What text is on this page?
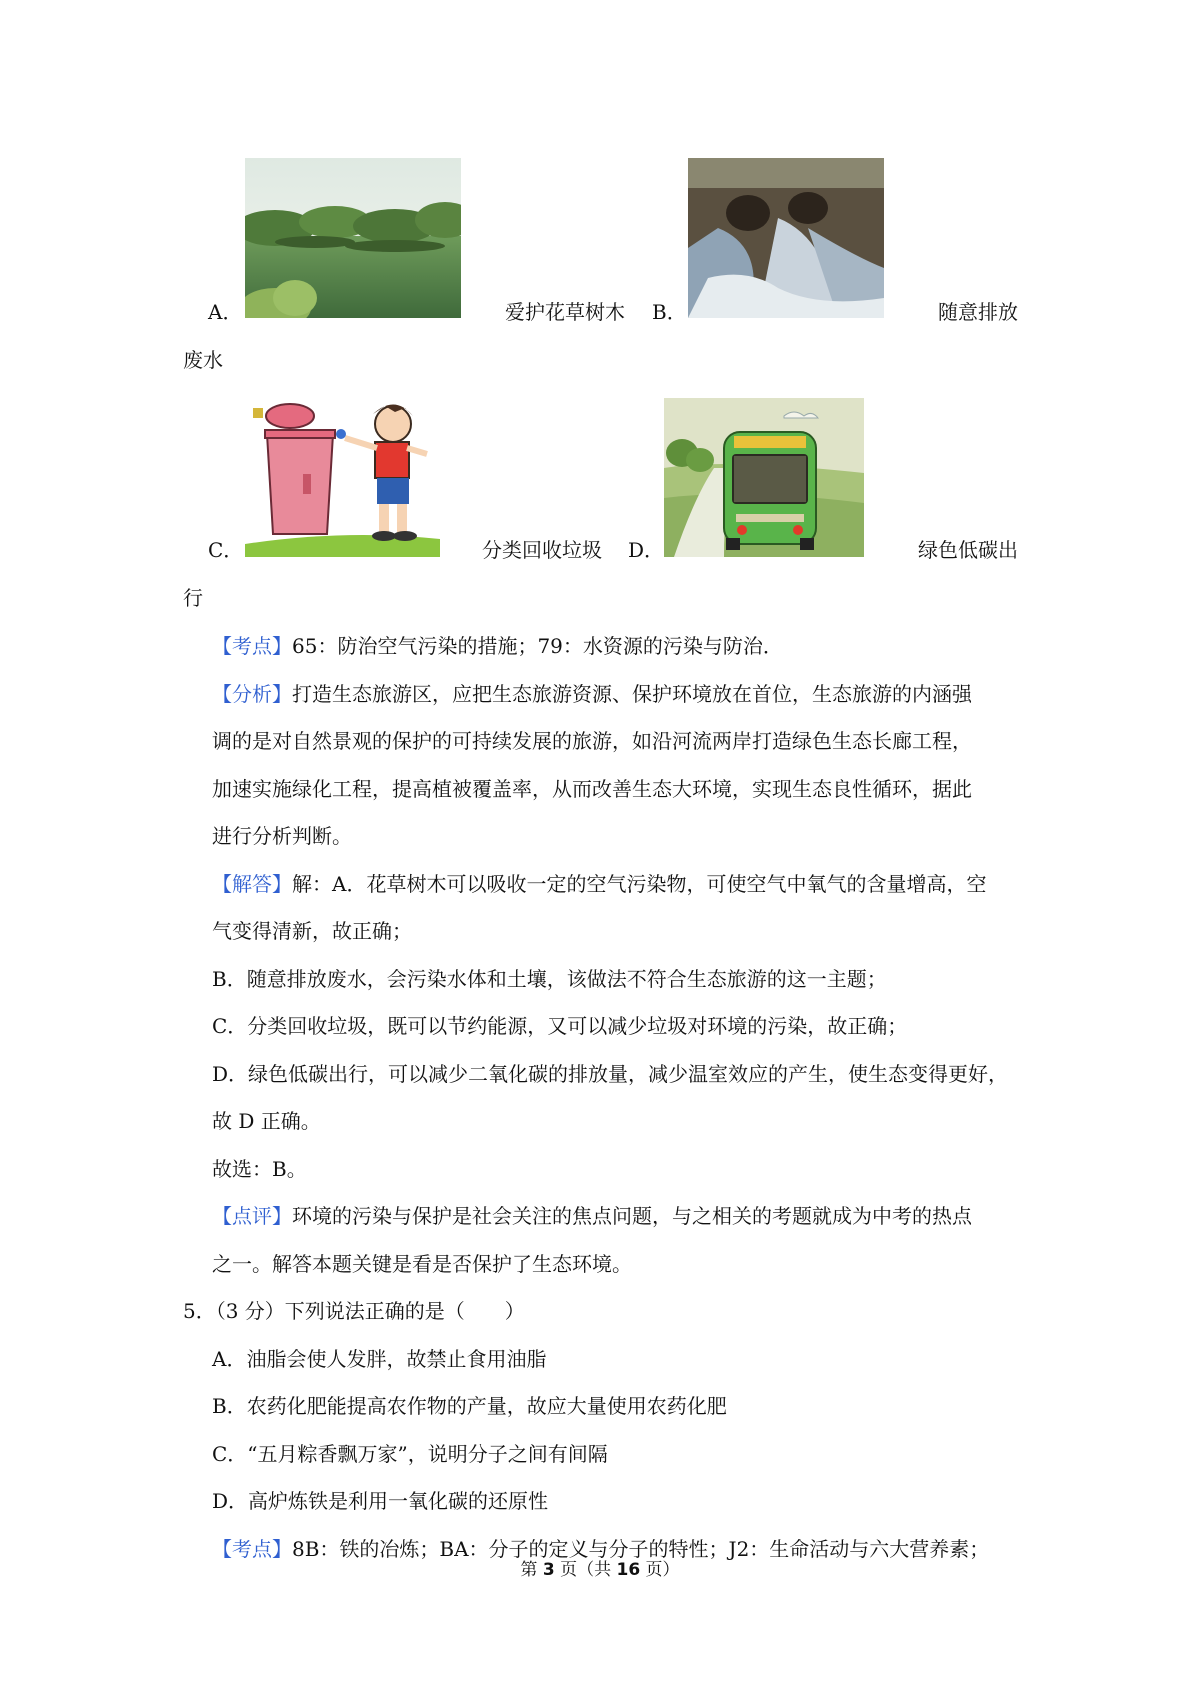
A．	爱护花草树木 B．	随意排放
废水
C．	分类回收垃圾 D．	绿色低碳出
行
【考点】65：防治空气污染的措施；79：水资源的污染与防治．
【分析】打造生态旅游区，应把生态旅游资源、保护环境放在首位，生态旅游的内涵强
调的是对自然景观的保护的可持续发展的旅游，如沿河流两岸打造绿色生态长廊工程，
加速实施绿化工程，提高植被覆盖率，从而改善生态大环境，实现生态良性循环，据此
进行分析判断。
【解答】解：A．花草树木可以吸收一定的空气污染物，可使空气中氧气的含量增高，空
气变得清新，故正确；
B．随意排放废水，会污染水体和土壤，该做法不符合生态旅游的这一主题；
C．分类回收垃圾，既可以节约能源，又可以减少垃圾对环境的污染，故正确；
D．绿色低碳出行，可以减少二氧化碳的排放量，减少温室效应的产生，使生态变得更好，
故 D 正确。
故选：B。
【点评】环境的污染与保护是社会关注的焦点问题，与之相关的考题就成为中考的热点
之一。解答本题关键是看是否保护了生态环境。
5．（3 分）下列说法正确的是（　　）
A．油脂会使人发胖，故禁止食用油脂
B．农药化肥能提高农作物的产量，故应大量使用农药化肥
C．“五月粽香飘万家”，说明分子之间有间隔
D．高炉炼铁是利用一氧化碳的还原性
【考点】8B：铁的冶炼；BA：分子的定义与分子的特性；J2：生命活动与六大营养素；
第 3 页（共 16 页）
